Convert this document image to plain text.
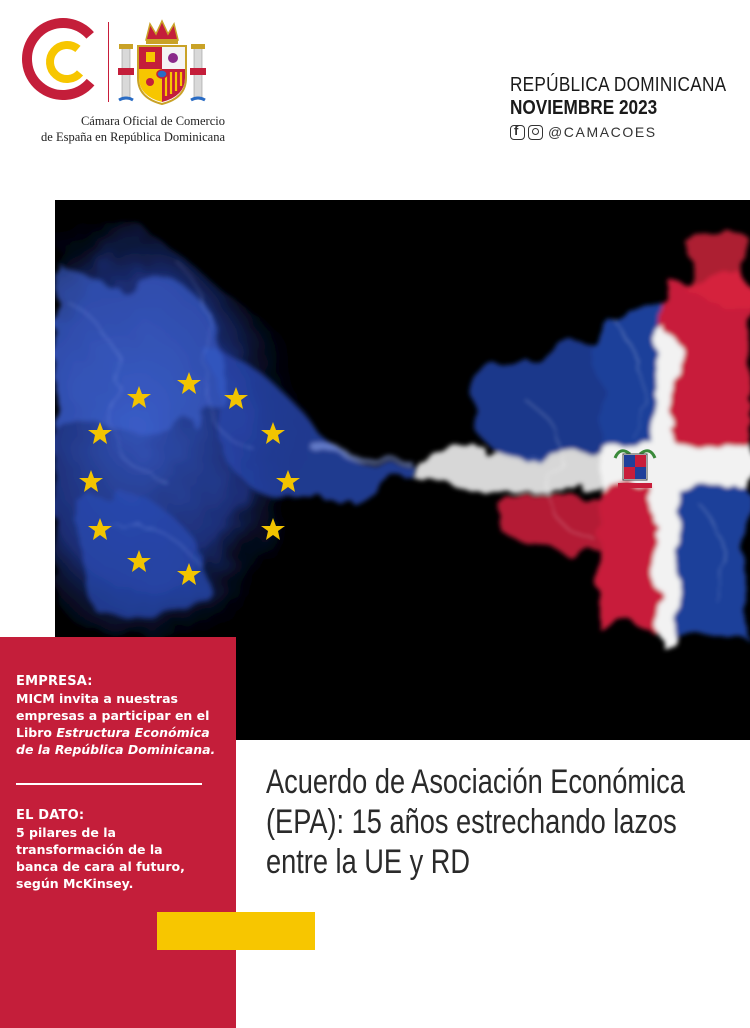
Cámara Oficial de Comercio
de España en República Dominicana
REPÚBLICA DOMINICANA
NOVIEMBRE 2023
f
@CAMACOES
EMPRESA:
MICM invita a nuestras
empresas a participar en el
Libro Estructura Económica
de la República Dominicana.
EL DATO:
5 pilares de la
transformación de la
banca de cara al futuro,
según McKinsey.
Acuerdo de Asociación Económica
(EPA): 15 años estrechando lazos
entre la UE y RD
